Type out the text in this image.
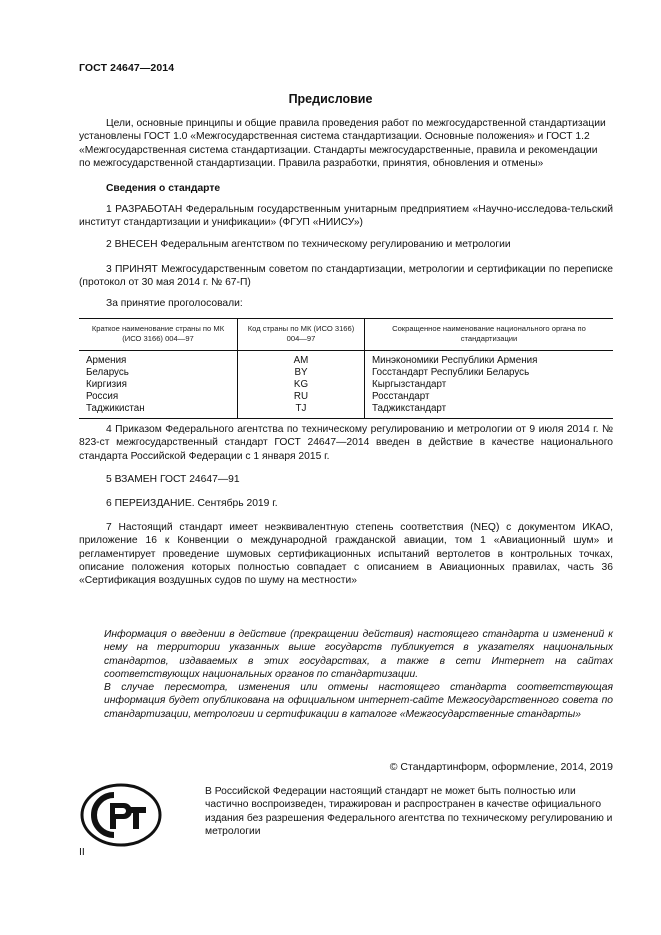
ГОСТ 24647—2014
Предисловие
Цели, основные принципы и общие правила проведения работ по межгосударственной стандартизации
установлены ГОСТ 1.0 «Межгосударственная система стандартизации. Основные положения» и ГОСТ 1.2
«Межгосударственная система стандартизации. Стандарты межгосударственные, правила и рекомендации
по межгосударственной стандартизации. Правила разработки, принятия, обновления и отмены»
Сведения о стандарте
1 РАЗРАБОТАН Федеральным государственным унитарным предприятием «Научно-исследова-тельский институт стандартизации и унификации» (ФГУП «НИИСУ»)
2 ВНЕСЕН Федеральным агентством по техническому регулированию и метрологии
3 ПРИНЯТ Межгосударственным советом по стандартизации, метрологии и сертификации по переписке (протокол от 30 мая 2014 г. № 67-П)
За принятие проголосовали:
Краткое наименование страны по МК (ИСО 3166) 004—97	Код страны по МК (ИСО 3166) 004—97	Сокращенное наименование национального органа по стандартизации
Армения	AM	Минэкономики Республики Армения
Беларусь	BY	Госстандарт Республики Беларусь
Киргизия	KG	Кыргызстандарт
Россия	RU	Росстандарт
Таджикистан	TJ	Таджикстандарт
4 Приказом Федерального агентства по техническому регулированию и метрологии от 9 июля 2014 г. № 823-ст межгосударственный стандарт ГОСТ 24647—2014 введен в действие в качестве национального стандарта Российской Федерации с 1 января 2015 г.
5 ВЗАМЕН ГОСТ 24647—91
6 ПЕРЕИЗДАНИЕ. Сентябрь 2019 г.
7 Настоящий стандарт имеет неэквивалентную степень соответствия (NEQ) с документом ИКАО, приложение 16 к Конвенции о международной гражданской авиации, том 1 «Авиационный шум» и регламентирует проведение шумовых сертификационных испытаний вертолетов в контрольных точках, описание положения которых полностью совпадает с описанием в Авиационных правилах, часть 36 «Сертификация воздушных судов по шуму на местности»

Информация о введении в действие (прекращении действия) настоящего стандарта и изменений к нему на территории указанных выше государств публикуется в указателях национальных стандартов, издаваемых в этих государствах, а также в сети Интернет на сайтах соответствующих национальных органов по стандартизации.

В случае пересмотра, изменения или отмены настоящего стандарта соответствующая информация будет опубликована на официальном интернет-сайте Межгосударственного совета по стандартизации, метрологии и сертификации в каталоге «Межгосударственные стандарты»

© Стандартинформ, оформление, 2014, 2019
В Российской Федерации настоящий стандарт не может быть полностью или частично воспроизведен, тиражирован и распространен в качестве официального издания без разрешения Федерального агентства по техническому регулированию и метрологии
II
